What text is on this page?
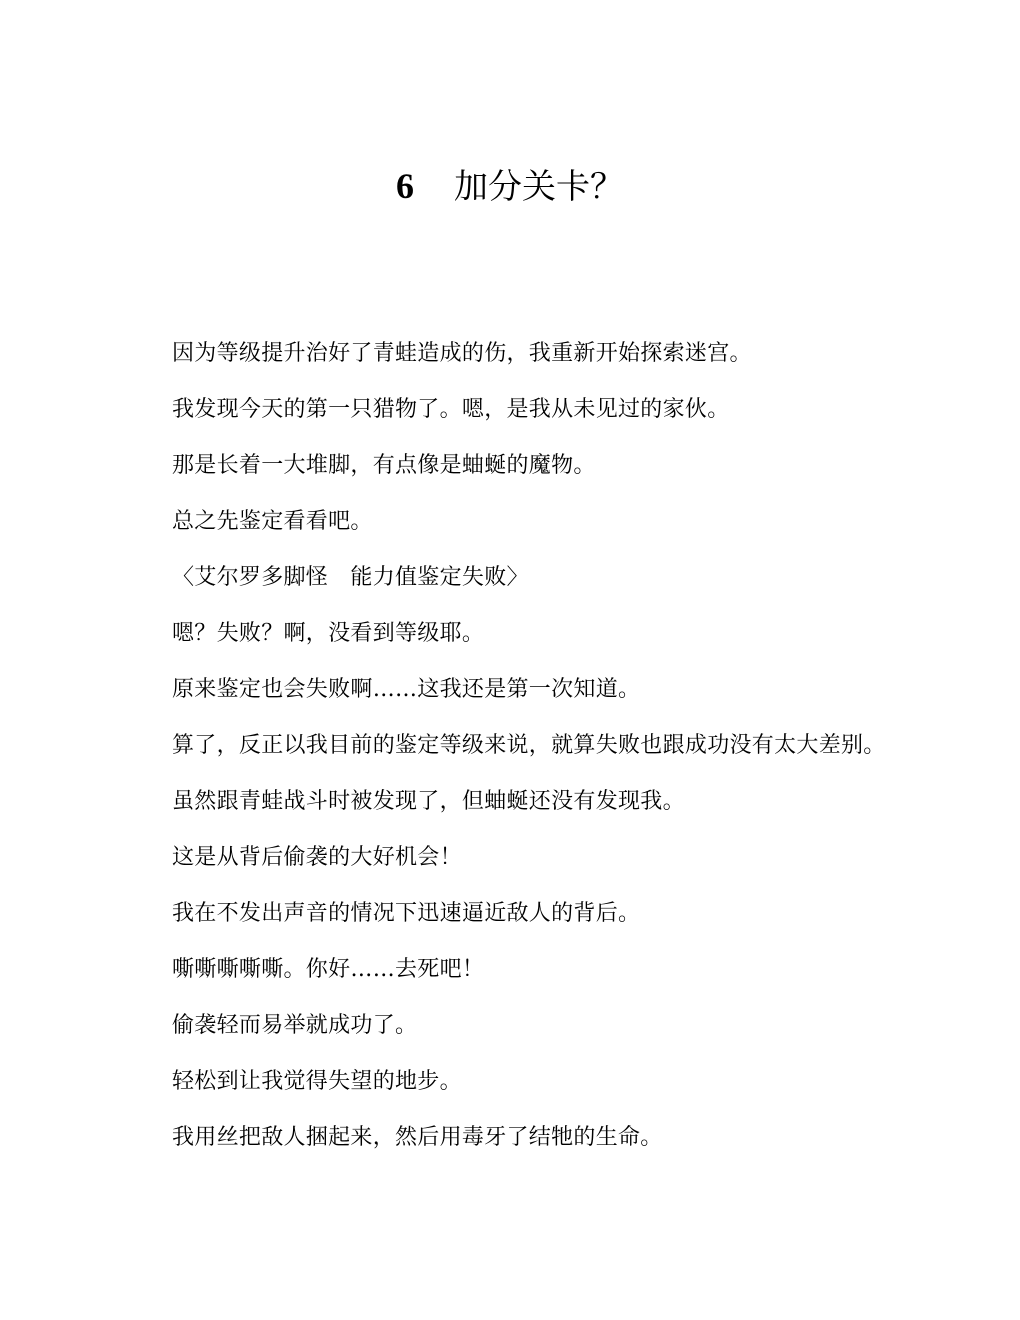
6 加分关卡？

因为等级提升治好了青蛙造成的伤，我重新开始探索迷宫。

我发现今天的第一只猎物了。嗯，是我从未见过的家伙。

那是长着一大堆脚，有点像是蚰蜒的魔物。

总之先鉴定看看吧。

〈艾尔罗多脚怪　能力值鉴定失败〉

嗯？失败？啊，没看到等级耶。

原来鉴定也会失败啊……这我还是第一次知道。

算了，反正以我目前的鉴定等级来说，就算失败也跟成功没有太大差别。

虽然跟青蛙战斗时被发现了，但蚰蜒还没有发现我。

这是从背后偷袭的大好机会！

我在不发出声音的情况下迅速逼近敌人的背后。

嘶嘶嘶嘶嘶。你好……去死吧！

偷袭轻而易举就成功了。

轻松到让我觉得失望的地步。

我用丝把敌人捆起来，然后用毒牙了结牠的生命。
